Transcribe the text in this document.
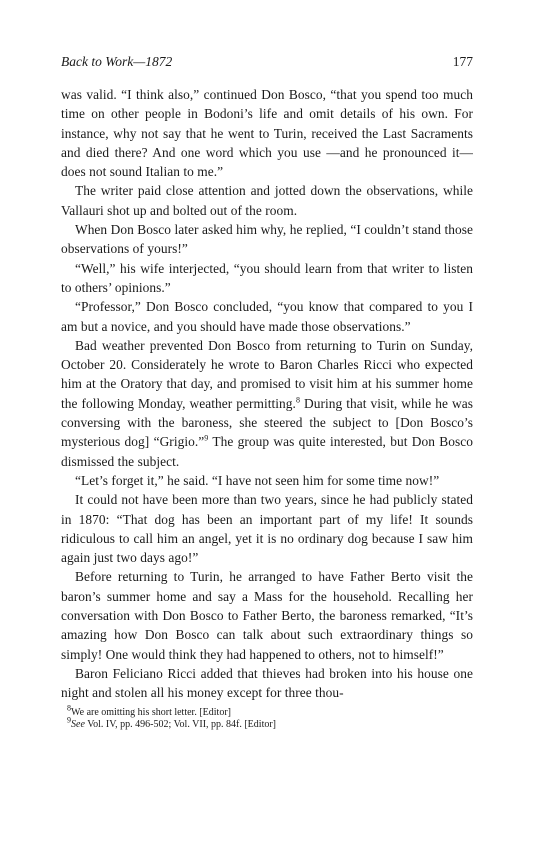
Back to Work—1872	177

was valid. “I think also,” continued Don Bosco, “that you spend too much time on other people in Bodoni’s life and omit details of his own. For instance, why not say that he went to Turin, received the Last Sacraments and died there? And one word which you use —and he pronounced it—does not sound Italian to me.”

The writer paid close attention and jotted down the observations, while Vallauri shot up and bolted out of the room.

When Don Bosco later asked him why, he replied, “I couldn’t stand those observations of yours!”

“Well,” his wife interjected, “you should learn from that writer to listen to others’ opinions.”

“Professor,” Don Bosco concluded, “you know that compared to you I am but a novice, and you should have made those observations.”

Bad weather prevented Don Bosco from returning to Turin on Sunday, October 20. Considerately he wrote to Baron Charles Ricci who expected him at the Oratory that day, and promised to visit him at his summer home the following Monday, weather permitting.$^8$ During that visit, while he was conversing with the baroness, she steered the subject to [Don Bosco’s mysterious dog] “Grigio.”$^9$ The group was quite interested, but Don Bosco dismissed the subject.

“Let’s forget it,” he said. “I have not seen him for some time now!”

It could not have been more than two years, since he had publicly stated in 1870: “That dog has been an important part of my life! It sounds ridiculous to call him an angel, yet it is no ordinary dog because I saw him again just two days ago!”

Before returning to Turin, he arranged to have Father Berto visit the baron’s summer home and say a Mass for the household. Recalling her conversation with Don Bosco to Father Berto, the baroness remarked, “It’s amazing how Don Bosco can talk about such extraordinary things so simply! One would think they had happened to others, not to himself!”

Baron Feliciano Ricci added that thieves had broken into his house one night and stolen all his money except for three thou-

$^8$We are omitting his short letter. [Editor]
$^9$See Vol. IV, pp. 496-502; Vol. VII, pp. 84f. [Editor]
